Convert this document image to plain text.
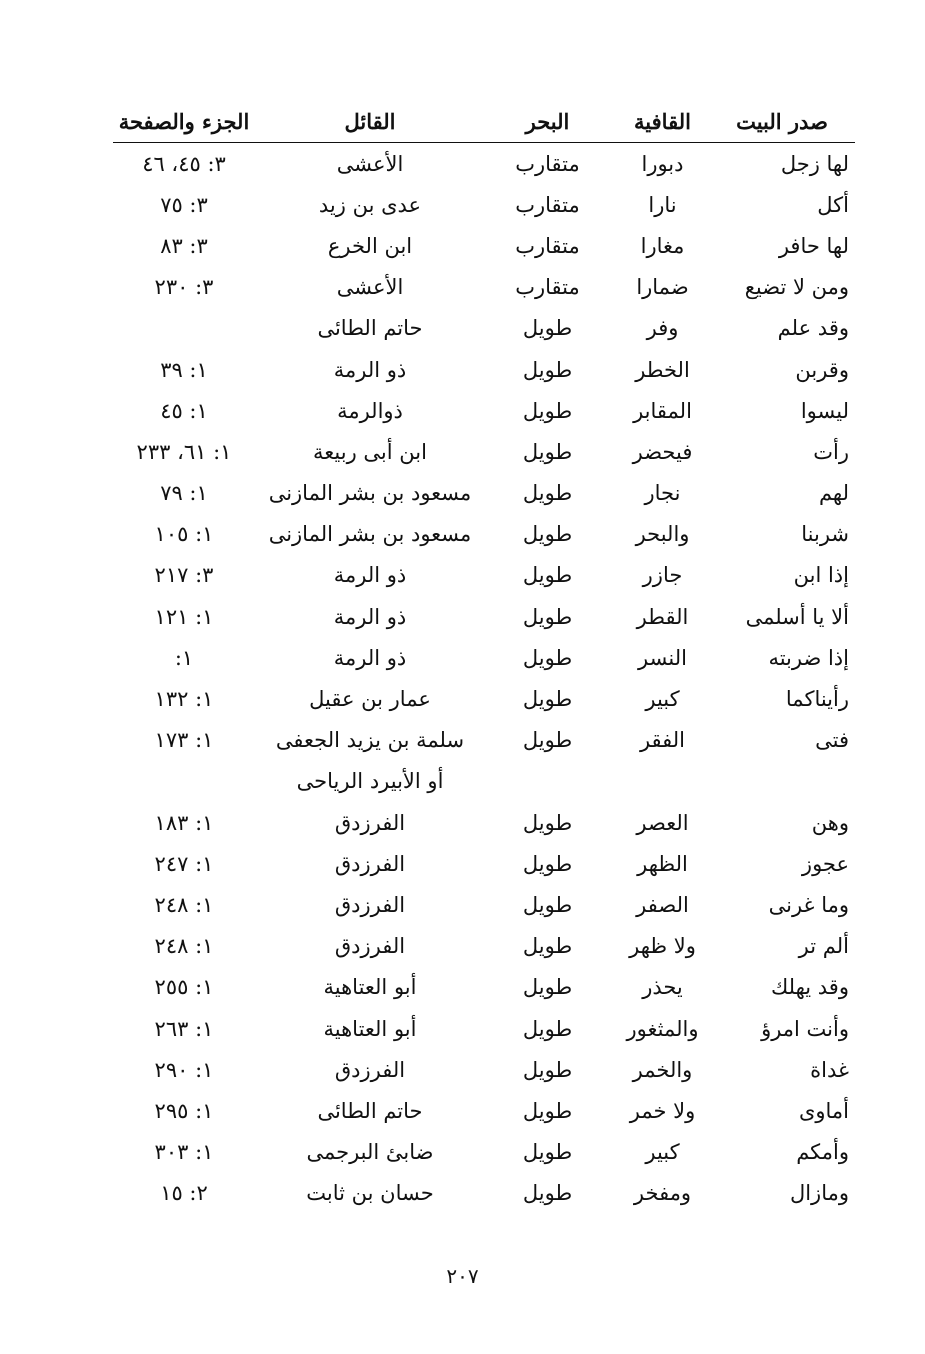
صدر البيت	القافية	البحر	القائل	الجزء والصفحة
لها زجل	دبورا	متقارب	الأعشى	٣: ٤٥، ٤٦
أكل	نارا	متقارب	عدى بن زيد	٣: ٧٥
لها حافر	مغارا	متقارب	ابن الخرع	٣: ٨٣
ومن لا تضيع	ضمارا	متقارب	الأعشى	٣: ٢٣٠
وقد علم	وفر	طويل	حاتم الطائى	
وقربن	الخطر	طويل	ذو الرمة	١: ٣٩
ليسوا	المقابر	طويل	ذوالرمة	١: ٤٥
رأت	فيحضر	طويل	ابن أبى ربيعة	١: ٦١، ٢٣٣
لهم	نجار	طويل	مسعود بن بشر المازنى	١: ٧٩
شربنا	والبحر	طويل	مسعود بن بشر المازنى	١: ١٠٥
إذا ابن	جازر	طويل	ذو الرمة	٣: ٢١٧
ألا يا أسلمى	القطر	طويل	ذو الرمة	١: ١٢١
إذا ضربته	النسر	طويل	ذو الرمة	١:
رأيناكما	كبير	طويل	عمار بن عقيل	١: ١٣٢
فتى	الفقر	طويل	سلمة بن يزيد الجعفى	١: ١٧٣
			أو الأبيرد الرياحى	
وهن	العصر	طويل	الفرزدق	١: ١٨٣
عجوز	الظهر	طويل	الفرزدق	١: ٢٤٧
وما غرنى	الصفر	طويل	الفرزدق	١: ٢٤٨
ألم تر	ولا ظهر	طويل	الفرزدق	١: ٢٤٨
وقد يهلك	يحذر	طويل	أبو العتاهية	١: ٢٥٥
وأنت امرؤ	والمثغور	طويل	أبو العتاهية	١: ٢٦٣
غداة	والخمر	طويل	الفرزدق	١: ٢٩٠
أماوى	ولا خمر	طويل	حاتم الطائى	١: ٢٩٥
وأمكم	كبير	طويل	ضابئ البرجمى	١: ٣٠٣
ومازال	ومفخر	طويل	حسان بن ثابت	٢: ١٥
٢٠٧
